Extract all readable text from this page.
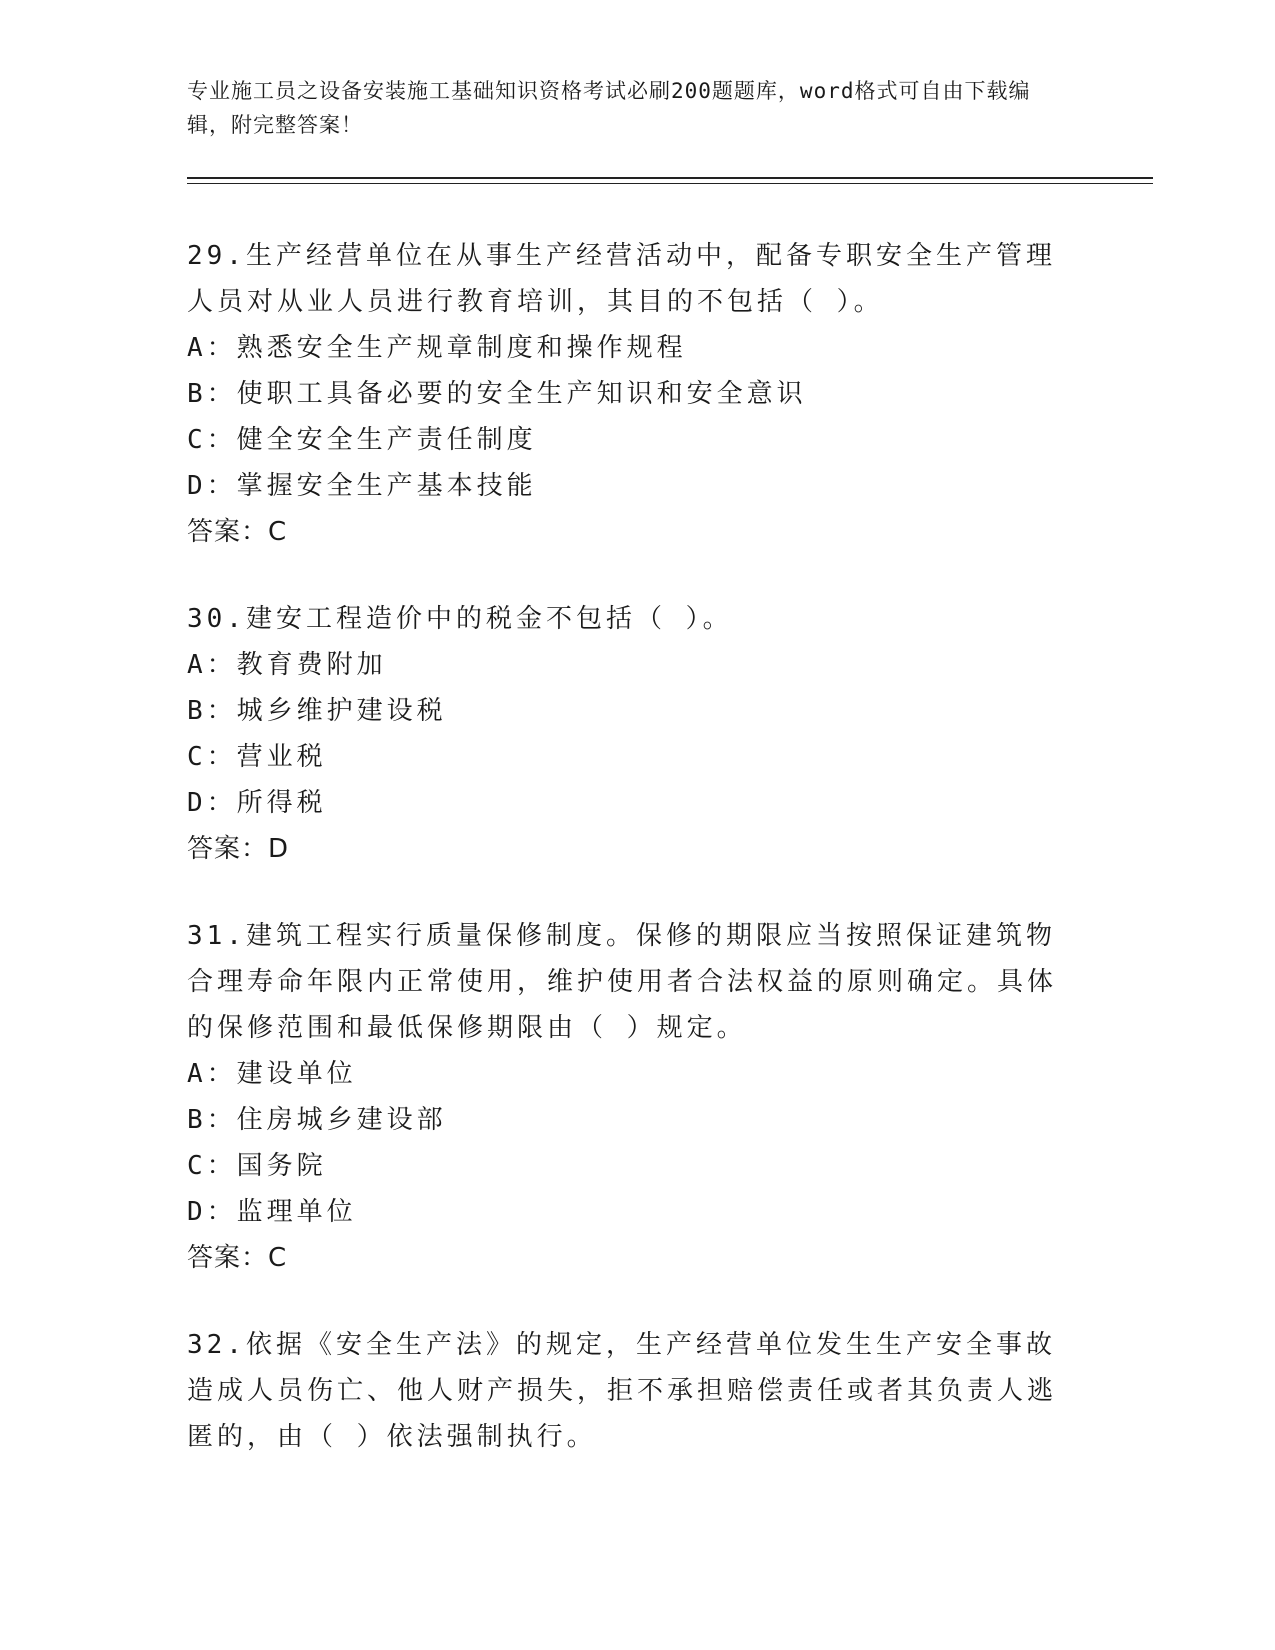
专业施工员之设备安装施工基础知识资格考试必刷200题题库，word格式可自由下载编辑，附完整答案！
29.生产经营单位在从事生产经营活动中，配备专职安全生产管理人员对从业人员进行教育培训，其目的不包括（ ）。
A：熟悉安全生产规章制度和操作规程
B：使职工具备必要的安全生产知识和安全意识
C：健全安全生产责任制度
D：掌握安全生产基本技能
答案：C
30.建安工程造价中的税金不包括（ ）。
A：教育费附加
B：城乡维护建设税
C：营业税
D：所得税
答案：D
31.建筑工程实行质量保修制度。保修的期限应当按照保证建筑物合理寿命年限内正常使用，维护使用者合法权益的原则确定。具体的保修范围和最低保修期限由（ ）规定。
A：建设单位
B：住房城乡建设部
C：国务院
D：监理单位
答案：C
32.依据《安全生产法》的规定，生产经营单位发生生产安全事故造成人员伤亡、他人财产损失，拒不承担赔偿责任或者其负责人逃匿的，由（ ）依法强制执行。
